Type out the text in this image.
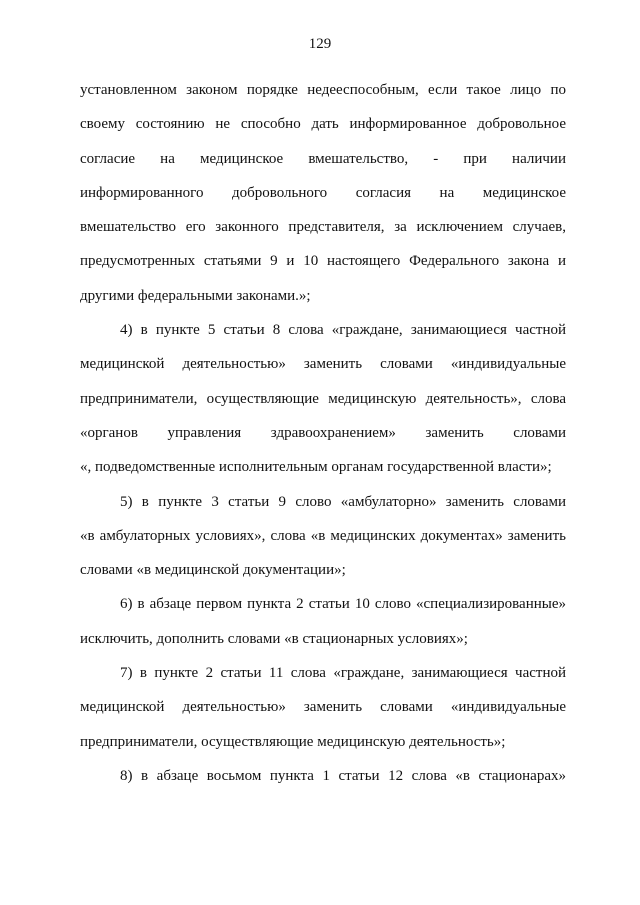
129

установленном законом порядке недееспособным, если такое лицо по
своему состоянию не способно дать информированное добровольное
согласие на медицинское вмешательство, - при наличии
информированного добровольного согласия на медицинское
вмешательство его законного представителя, за исключением случаев,
предусмотренных статьями 9 и 10 настоящего Федерального закона и
другими федеральными законами.»;

4) в пункте 5 статьи 8 слова «граждане, занимающиеся частной
медицинской деятельностью» заменить словами «индивидуальные
предприниматели, осуществляющие медицинскую деятельность», слова
«органов управления здравоохранением» заменить словами
«, подведомственные исполнительным органам государственной власти»;

5) в пункте 3 статьи 9 слово «амбулаторно» заменить словами
«в амбулаторных условиях», слова «в медицинских документах» заменить
словами «в медицинской документации»;

6) в абзаце первом пункта 2 статьи 10 слово «специализированные»
исключить, дополнить словами «в стационарных условиях»;

7) в пункте 2 статьи 11 слова «граждане, занимающиеся частной
медицинской деятельностью» заменить словами «индивидуальные
предприниматели, осуществляющие медицинскую деятельность»;

8) в абзаце восьмом пункта 1 статьи 12 слова «в стационарах»
